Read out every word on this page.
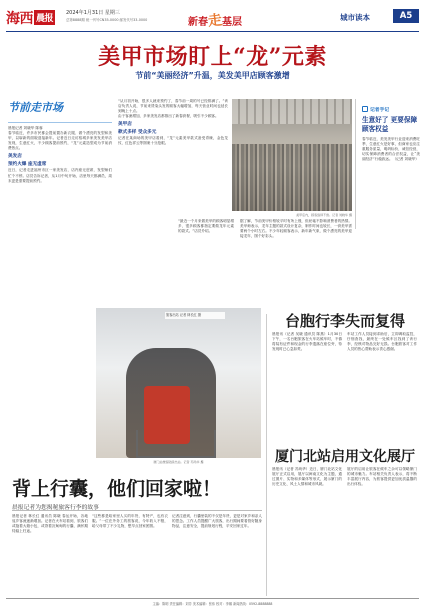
海西 晨报
2024年1月31日 星期三
总第8888期 统一刊号CN35-0000 邮发代号33-0000	新春走基层	城市读本	A5
美甲市场盯上“龙”元素
节前“美丽经济”升温，美发美甲店顾客激增
节前走市场

晨报记者 刘晓华 陈蓉
春节临近，许多市民都会提前置办新衣服、做个漂亮的发型和美甲，以崭新的面貌迎接新年。记者近日走访榕城多家美发美甲店发现，生意红火，不少顾客提前预约，“龙”元素造型成为节前消费热点。

美发店
预约火爆 座无虚席

近日，记者走进福州市区一家美发店，店内座无虚席，发型师们忙个不停。店员告诉记者，从1月中旬开始，店里每天都满员，周末更是需要提前预约。

“从月初开始，很多人就来预约了，春节前一周的号已经排满了。”该店负责人说，节前来烫染头发的顾客大幅增加，每天营业时间也延长到晚上十点。
由于客流增加，多家美发店都推出了新春套餐，吸引不少顾客。

美甲店
款式多样 受众多元

记者在某商场的美甲店看到，“龙”元素美甲款式备受青睐，金色龙纹、红色祥云等图案十分抢眼。

美甲店内，顾客络绎不绝。记者 刘晓华 摄

“最近一个月来做美甲的顾客明显增多，很多顾客都指定要做龙年元素的款式。”店员介绍。

据了解，节前美甲价格较平时有所上涨，但丝毫不影响消费者的热情。美甲师表示，龙年主题的款式设计复杂，制作时间也较长，一套美甲需要两个小时左右。不少年轻顾客表示，新年新气象，做个漂亮的美甲迎接龙年，图个好彩头。

记者手记
生意好了 更要保障顾客权益

春节临近，美发美甲行业迎来消费旺季，生意红火是好事，但商家也应注重服务质量，明码标价，诚信经营，切实保障消费者的合法权益，让“美丽经济”行稳致远。（记者 刘晓华）

旅客出站 记者 林长红 摄
厦门站旅客陆续出站。记者 苏尚华 摄
背上行囊，他们回家啦！
晨报记者为您揭秘旅客行李的故事

晨报记者 林长红 通讯员 陈晓 春运开始，各地返乡客流逐渐增加。记者在火车站看到，旅客们或拖着大箱小包，或背着沉甸甸的行囊，满怀期待踏上归途。

“这些都是给家里人买的年货，有特产，也有衣服。”一位在外务工的旅客说，今年收入不错，给父母带了不少礼物，想早点回家团圆。

记者注意到，行囊里装的不仅是年货，更是对家乡和亲人的思念。工作人员提醒广大旅客，出行期间要看管好随身物品，注意安全，提前规划行程，平安回家过年。

台胞行李失而复得

晨报讯（记者 吴晓 通讯员 陈燕）1月30日下午，一名台胞旅客在火车站候车时，不慎将装有证件和现金的行李遗落在座位旁，待发现时已心急如焚。

车站工作人员接到求助后，立即调取监控，仔细查找，最终在一处候车区找到了该行李，经核对物品完好无损。台胞旅客对工作人员的热心帮助表示衷心感谢。

厦门北站启用文化展厅

晨报讯（记者 苏尚华）近日，厦门北站文化展厅正式启用，展厅以闽南文化为主题，通过图片、实物和多媒体等形式，展示厦门的历史文化、风土人情和城市风貌。

展厅的启用让旅客在候车之余可以领略厦门的城市魅力。车站相关负责人表示，将不断丰富展厅内容，为旅客提供更加优质温馨的出行体验。

主编：陈明 责任编辑：刘芳 美术编辑：张伟 校对：李娜 新闻热线：0592-8888888
